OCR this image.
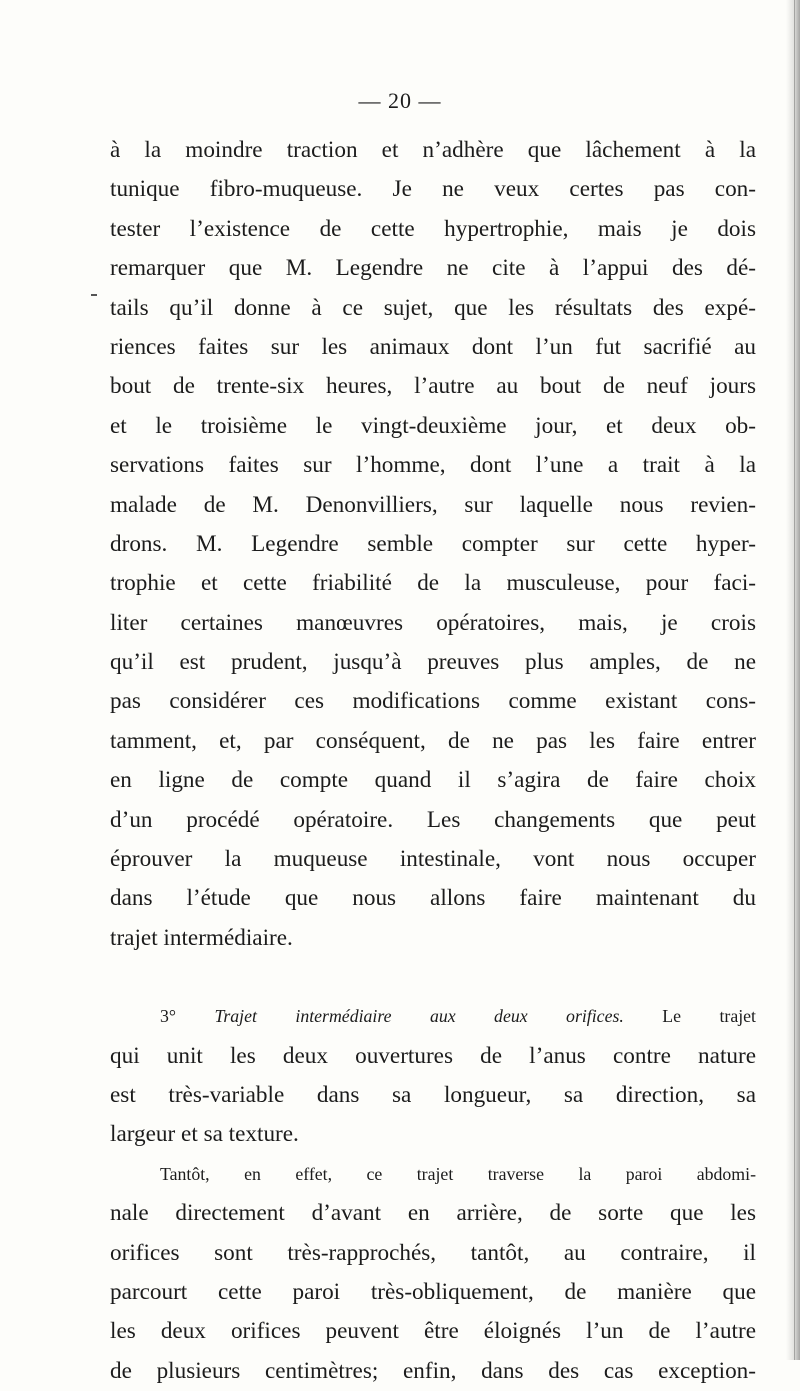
— 20 —
à la moindre traction et n’adhère que lâchement à la
tunique fibro-muqueuse. Je ne veux certes pas con-
tester l’existence de cette hypertrophie, mais je dois
remarquer que M. Legendre ne cite à l’appui des dé-
tails qu’il donne à ce sujet, que les résultats des expé-
riences faites sur les animaux dont l’un fut sacrifié au
bout de trente-six heures, l’autre au bout de neuf jours
et le troisième le vingt-deuxième jour, et deux ob-
servations faites sur l’homme, dont l’une a trait à la
malade de M. Denonvilliers, sur laquelle nous revien-
drons. M. Legendre semble compter sur cette hyper-
trophie et cette friabilité de la musculeuse, pour faci-
liter certaines manœuvres opératoires, mais, je crois
qu’il est prudent, jusqu’à preuves plus amples, de ne
pas considérer ces modifications comme existant cons-
tamment, et, par conséquent, de ne pas les faire entrer
en ligne de compte quand il s’agira de faire choix
d’un procédé opératoire. Les changements que peut
éprouver la muqueuse intestinale, vont nous occuper
dans l’étude que nous allons faire maintenant du
trajet intermédiaire.
3° Trajet intermédiaire aux deux orifices. Le trajet
qui unit les deux ouvertures de l’anus contre nature
est très-variable dans sa longueur, sa direction, sa
largeur et sa texture.
Tantôt, en effet, ce trajet traverse la paroi abdomi-
nale directement d’avant en arrière, de sorte que les
orifices sont très-rapprochés, tantôt, au contraire, il
parcourt cette paroi très-obliquement, de manière que
les deux orifices peuvent être éloignés l’un de l’autre
de plusieurs centimètres; enfin, dans des cas exception-
